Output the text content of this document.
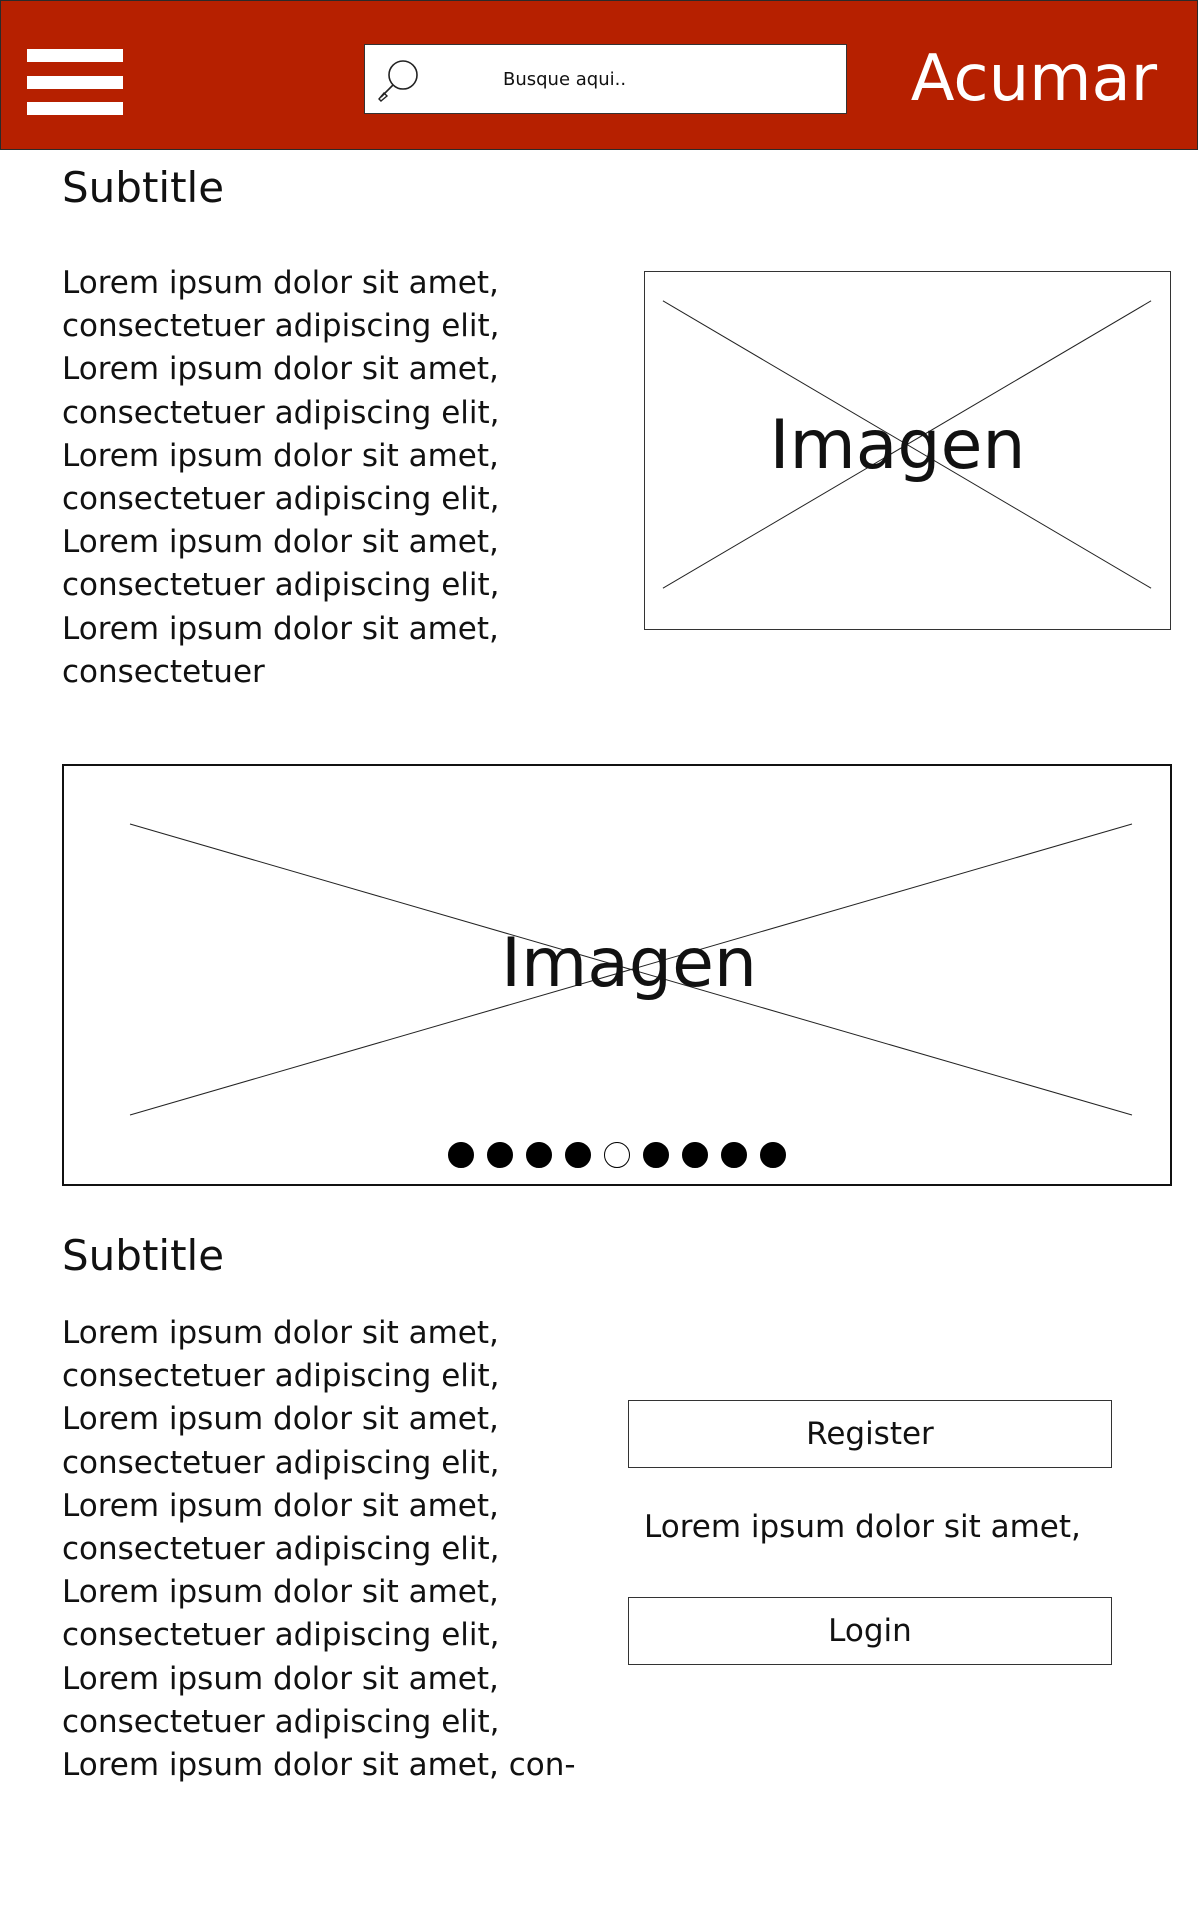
Busque aqui..
Acumar
Subtitle

Lorem ipsum dolor sit amet, consectetuer adipiscing elit, Lorem ipsum dolor sit amet, consectetuer adipiscing elit, Lorem ipsum dolor sit amet, consectetuer adipiscing elit, Lorem ipsum dolor sit amet, consectetuer adipiscing elit, Lorem ipsum dolor sit amet, consectetuer

Imagen
Imagen
Subtitle

Lorem ipsum dolor sit amet, consectetuer adipiscing elit, Lorem ipsum dolor sit amet, consectetuer adipiscing elit, Lorem ipsum dolor sit amet, consectetuer adipiscing elit, Lorem ipsum dolor sit amet, consectetuer adipiscing elit, Lorem ipsum dolor sit amet, consectetuer adipiscing elit, Lorem ipsum dolor sit amet, con-

Register

Lorem ipsum dolor sit amet,

Login
